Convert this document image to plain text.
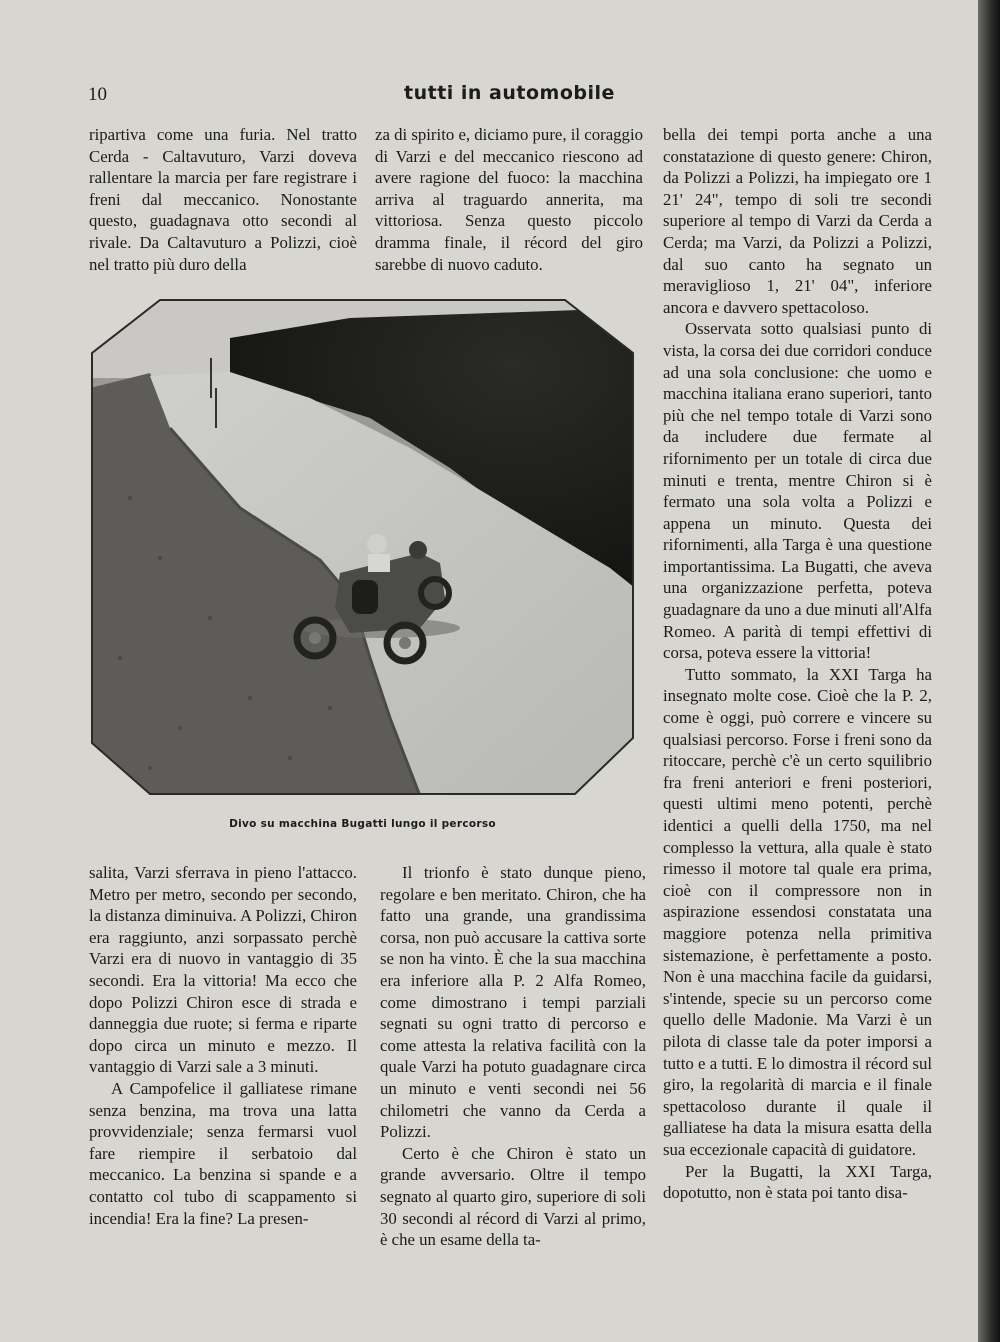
10	tutti in automobile

ripartiva come una furia. Nel tratto Cerda - Caltavuturo, Varzi doveva rallentare la marcia per fare registrare i freni dal meccanico. Nonostante questo, guadagnava otto secondi al rivale. Da Caltavuturo a Polizzi, cioè nel tratto più duro della

za di spirito e, diciamo pure, il coraggio di Varzi e del meccanico riescono ad avere ragione del fuoco: la macchina arriva al traguardo annerita, ma vittoriosa. Senza questo piccolo dramma finale, il récord del giro sarebbe di nuovo caduto.

bella dei tempi porta anche a una constatazione di questo genere: Chiron, da Polizzi a Polizzi, ha impiegato ore 1 21' 24", tempo di soli tre secondi superiore al tempo di Varzi da Cerda a Cerda; ma Varzi, da Polizzi a Polizzi, dal suo canto ha segnato un meraviglioso 1, 21' 04", inferiore ancora e davvero spettacoloso.

Osservata sotto qualsiasi punto di vista, la corsa dei due corridori conduce ad una sola conclusione: che uomo e macchina italiana erano superiori, tanto più che nel tempo totale di Varzi sono da includere due fermate al rifornimento per un totale di circa due minuti e trenta, mentre Chiron si è fermato una sola volta a Polizzi e appena un minuto. Questa dei rifornimenti, alla Targa è una questione importantissima. La Bugatti, che aveva una organizzazione perfetta, poteva guadagnare da uno a due minuti all'Alfa Romeo. A parità di tempi effettivi di corsa, poteva essere la vittoria!

Tutto sommato, la XXI Targa ha insegnato molte cose. Cioè che la P. 2, come è oggi, può correre e vincere su qualsiasi percorso. Forse i freni sono da ritoccare, perchè c'è un certo squilibrio fra freni anteriori e freni posteriori, questi ultimi meno potenti, perchè identici a quelli della 1750, ma nel complesso la vettura, alla quale è stato rimesso il motore tal quale era prima, cioè con il compressore non in aspirazione essendosi constatata una maggiore potenza nella primitiva sistemazione, è perfettamente a posto. Non è una macchina facile da guidarsi, s'intende, specie su un percorso come quello delle Madonie. Ma Varzi è un pilota di classe tale da poter imporsi a tutto e a tutti. E lo dimostra il récord sul giro, la regolarità di marcia e il finale spettacoloso durante il quale il galliatese ha data la misura esatta della sua eccezionale capacità di guidatore.

Per la Bugatti, la XXI Targa, dopotutto, non è stata poi tanto disa-

Divo su macchina Bugatti lungo il percorso

salita, Varzi sferrava in pieno l'attacco. Metro per metro, secondo per secondo, la distanza diminuiva. A Polizzi, Chiron era raggiunto, anzi sorpassato perchè Varzi era di nuovo in vantaggio di 35 secondi. Era la vittoria! Ma ecco che dopo Polizzi Chiron esce di strada e danneggia due ruote; si ferma e riparte dopo circa un minuto e mezzo. Il vantaggio di Varzi sale a 3 minuti.

A Campofelice il galliatese rimane senza benzina, ma trova una latta provvidenziale; senza fermarsi vuol fare riempire il serbatoio dal meccanico. La benzina si spande e a contatto col tubo di scappamento si incendia! Era la fine? La presen-

Il trionfo è stato dunque pieno, regolare e ben meritato. Chiron, che ha fatto una grande, una grandissima corsa, non può accusare la cattiva sorte se non ha vinto. È che la sua macchina era inferiore alla P. 2 Alfa Romeo, come dimostrano i tempi parziali segnati su ogni tratto di percorso e come attesta la relativa facilità con la quale Varzi ha potuto guadagnare circa un minuto e venti secondi nei 56 chilometri che vanno da Cerda a Polizzi.

Certo è che Chiron è stato un grande avversario. Oltre il tempo segnato al quarto giro, superiore di soli 30 secondi al récord di Varzi al primo, è che un esame della ta-
